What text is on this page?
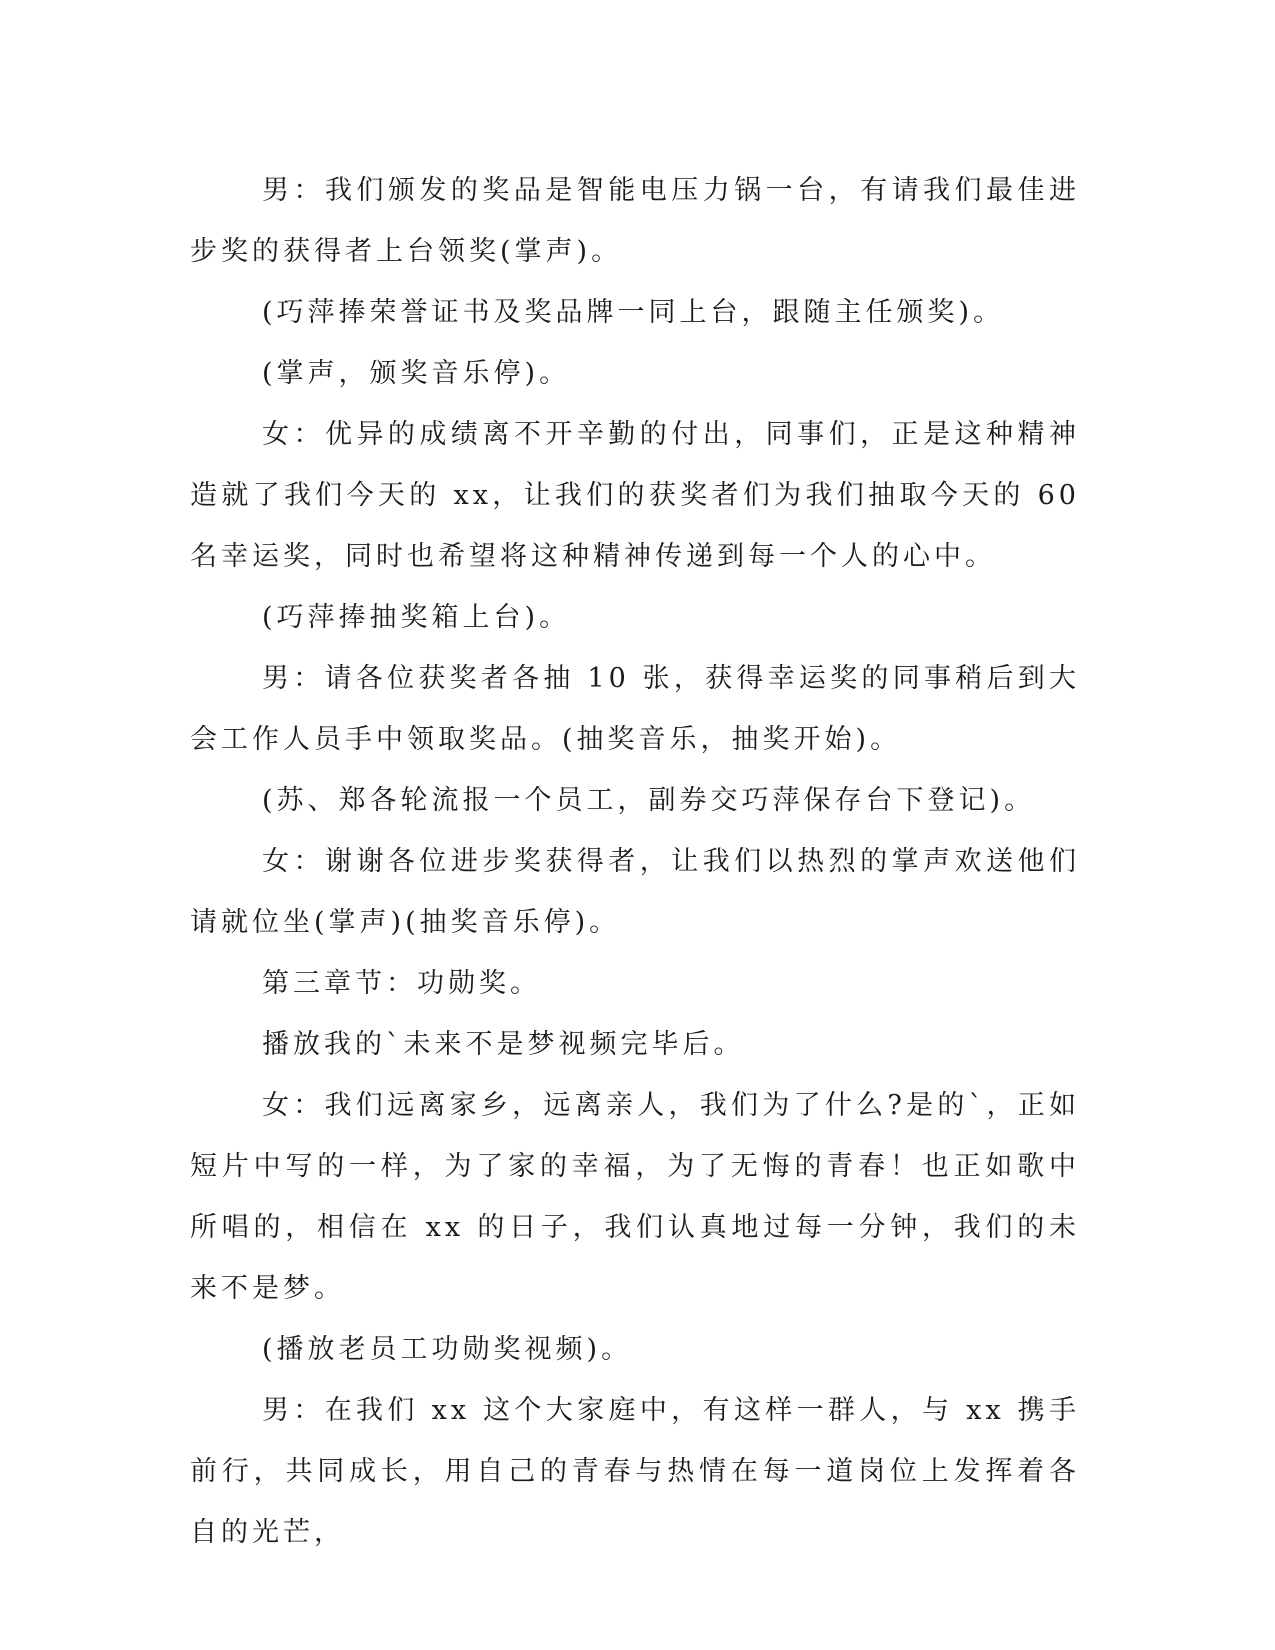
男：我们颁发的奖品是智能电压力锅一台，有请我们最佳进步奖的获得者上台领奖(掌声)。

(巧萍捧荣誉证书及奖品牌一同上台，跟随主任颁奖)。

(掌声，颁奖音乐停)。

女：优异的成绩离不开辛勤的付出，同事们，正是这种精神造就了我们今天的 xx，让我们的获奖者们为我们抽取今天的 60 名幸运奖，同时也希望将这种精神传递到每一个人的心中。

(巧萍捧抽奖箱上台)。

男：请各位获奖者各抽 10 张，获得幸运奖的同事稍后到大会工作人员手中领取奖品。(抽奖音乐，抽奖开始)。

(苏、郑各轮流报一个员工，副券交巧萍保存台下登记)。

女：谢谢各位进步奖获得者，让我们以热烈的掌声欢送他们请就位坐(掌声)(抽奖音乐停)。

第三章节：功勋奖。

播放我的`未来不是梦视频完毕后。

女：我们远离家乡，远离亲人，我们为了什么?是的`，正如短片中写的一样，为了家的幸福，为了无悔的青春！也正如歌中所唱的，相信在 xx 的日子，我们认真地过每一分钟，我们的未来不是梦。

(播放老员工功勋奖视频)。

男：在我们 xx 这个大家庭中，有这样一群人，与 xx 携手前行，共同成长，用自己的青春与热情在每一道岗位上发挥着各自的光芒，
